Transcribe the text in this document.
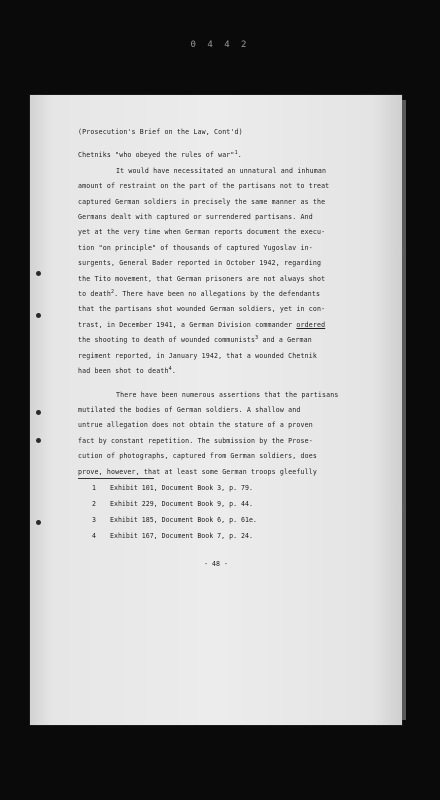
0 4 4 2
(Prosecution's Brief on the Law, Cont'd)
Chetniks "who obeyed the rules of war"$^1$.
It would have necessitated an unnatural and inhuman
amount of restraint on the part of the partisans not to treat
captured German soldiers in precisely the same manner as the
Germans dealt with captured or surrendered partisans. And
yet at the very time when German reports document the execu-
tion "on principle" of thousands of captured Yugoslav in-
surgents, General Bader reported in October 1942, regarding
the Tito movement, that German prisoners are not always shot
to death$^2$. There have been no allegations by the defendants
that the partisans shot wounded German soldiers, yet in con-
trast, in December 1941, a German Division commander ordered
the shooting to death of wounded communists$^3$ and a German
regiment reported, in January 1942, that a wounded Chetnik
had been shot to death$^4$.
There have been numerous assertions that the partisans
mutilated the bodies of German soldiers. A shallow and
untrue allegation does not obtain the stature of a proven
fact by constant repetition. The submission by the Prose-
cution of photographs, captured from German soldiers, does
prove, however, that at least some German troops gleefully
1 Exhibit 101, Document Book 3, p. 79.
2 Exhibit 229, Document Book 9, p. 44.
3 Exhibit 185, Document Book 6, p. 61e.
4 Exhibit 167, Document Book 7, p. 24.
- 48 -
